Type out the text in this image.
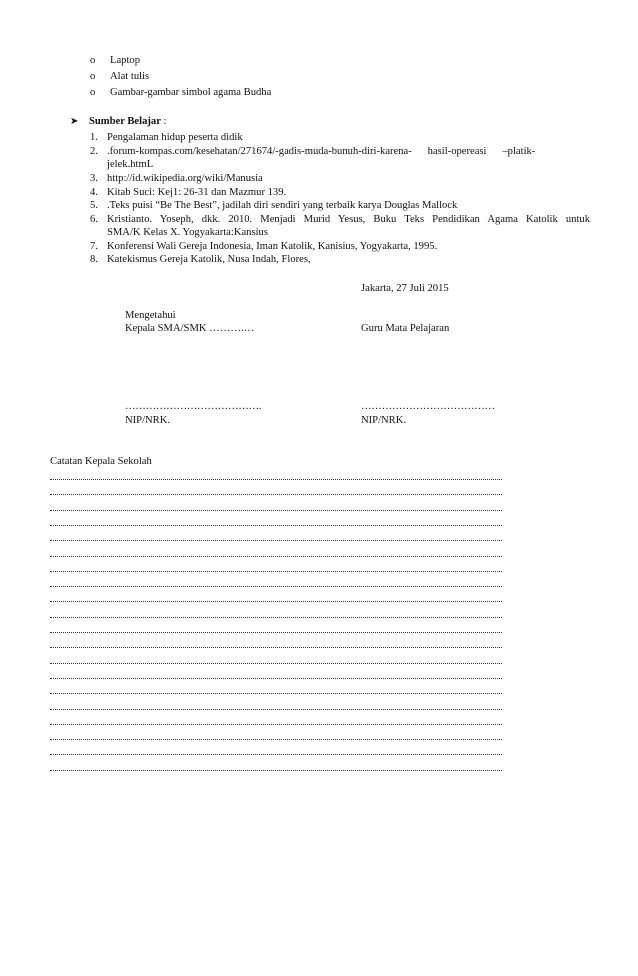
o	Laptop
o	Alat tulis
o	Gambar-gambar simbol agama Budha
➤ Sumber Belajar :
1. Pengalaman hidup peserta didik
2. .forum-kompas.com/kesehatan/271674/-gadis-muda-bunuh-diri-karena-      hasil-opereasi      –platik-
jelek.htmL
3. http://id.wikipedia.org/wiki/Manusia
4. Kitab Suci: Kej1: 26-31 dan Mazmur 139.
5. .Teks puisi “Be The Best”, jadilah diri sendiri yang terbaik karya Douglas Mallock
6. Kristianto. Yoseph, dkk. 2010. Menjadi Murid Yesus, Buku Teks Pendidikan Agama Katolik untuk
SMA/K Kelas X. Yogyakarta:Kansius
7. Konferensi Wali Gereja Indonesia, Iman Katolik, Kanisius, Yogyakarta, 1995.
8. Katekismus Gereja Katolik, Nusa Indah, Flores,
Jakarta, 27 Juli 2015
Mengetahui
Kepala SMA/SMK ……….…	Guru Mata Pelajaran
………………………………….	…………………………………
NIP/NRK.	NIP/NRK.
Catatan Kepala Sekolah
